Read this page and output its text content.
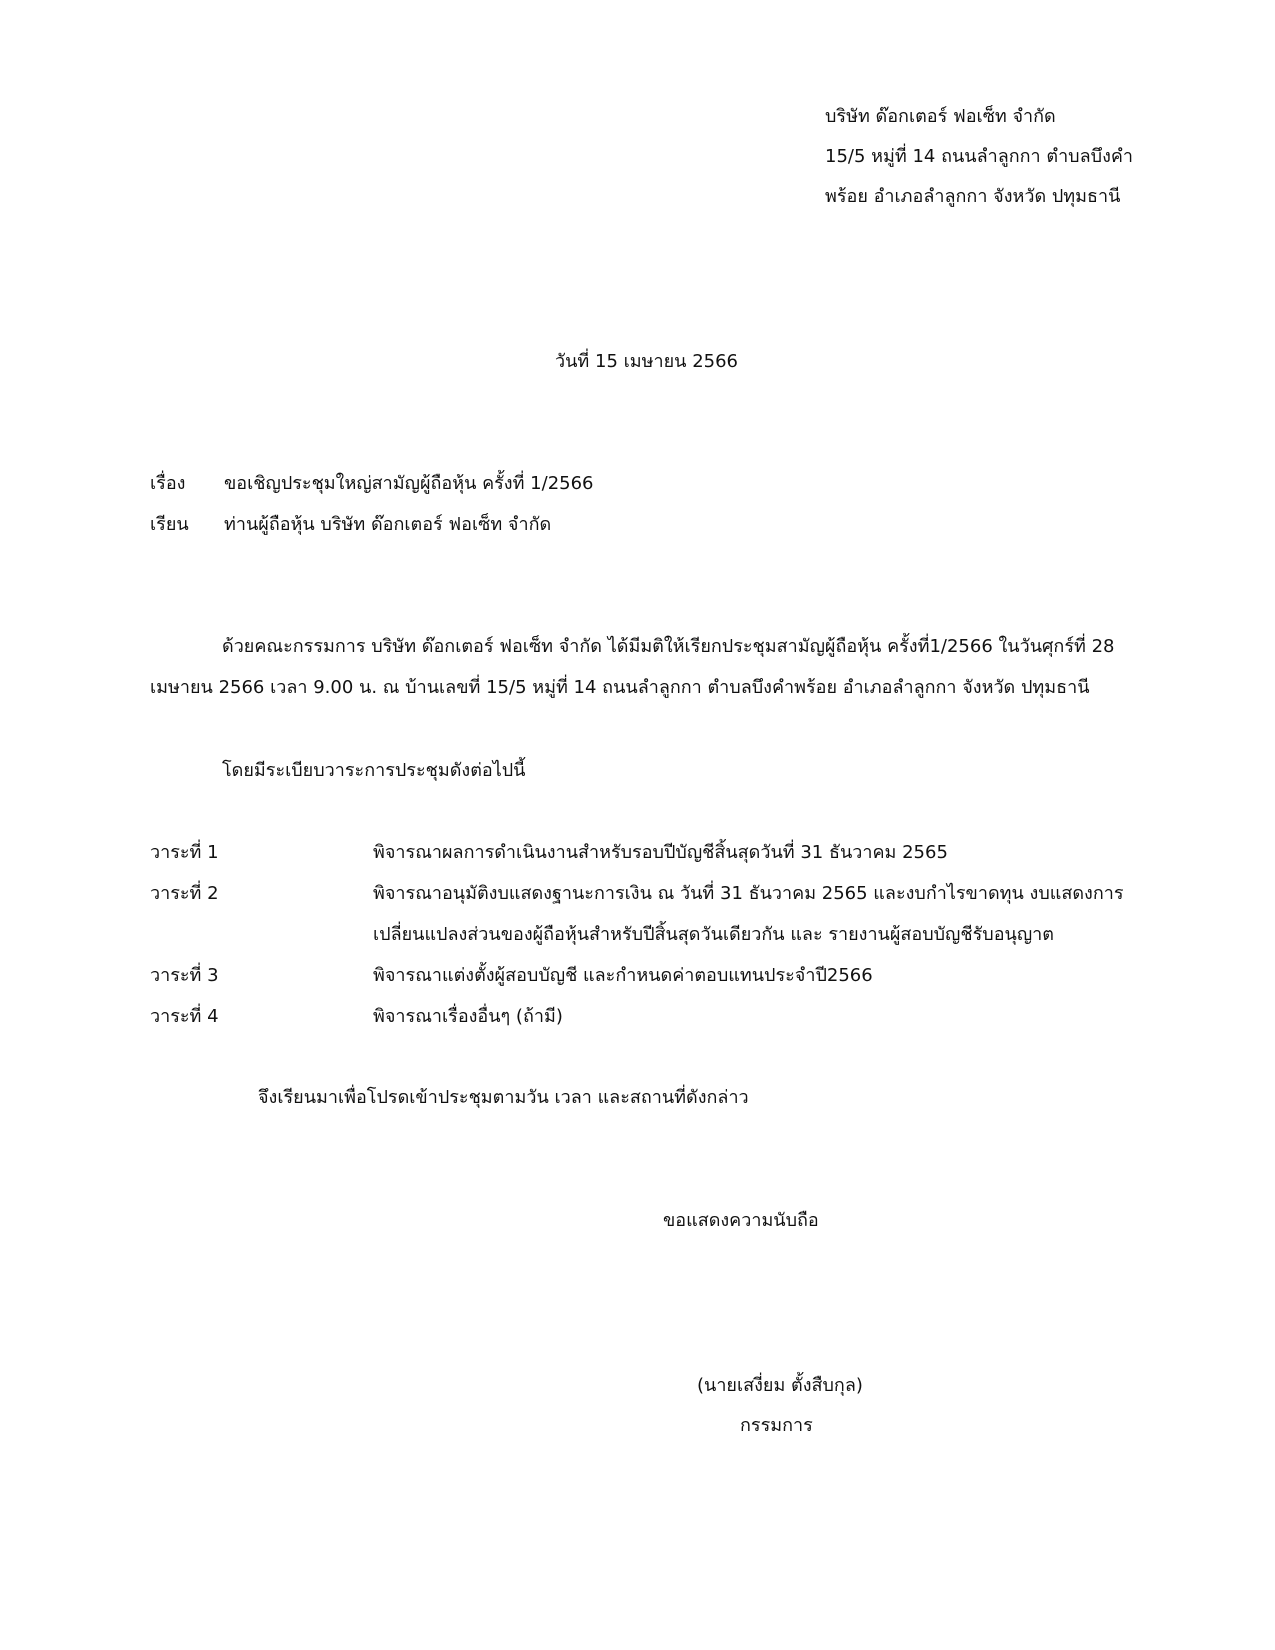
บริษัท ด๊อกเตอร์ ฟอเซ็ท จำกัด
15/5 หมู่ที่ 14 ถนนลำลูกกา ตำบลบึงคำ
พร้อย อำเภอลำลูกกา จังหวัด ปทุมธานี
วันที่ 15 เมษายน 2566
เรื่อง ขอเชิญประชุมใหญ่สามัญผู้ถือหุ้น ครั้งที่ 1/2566
เรียน ท่านผู้ถือหุ้น บริษัท ด๊อกเตอร์ ฟอเซ็ท จำกัด
ด้วยคณะกรรมการ บริษัท ด๊อกเตอร์ ฟอเซ็ท จำกัด ได้มีมติให้เรียกประชุมสามัญผู้ถือหุ้น ครั้งที่1/2566 ในวันศุกร์ที่ 28
เมษายน 2566 เวลา 9.00 น. ณ บ้านเลขที่ 15/5 หมู่ที่ 14 ถนนลำลูกกา ตำบลบึงคำพร้อย อำเภอลำลูกกา จังหวัด ปทุมธานี
โดยมีระเบียบวาระการประชุมดังต่อไปนี้
วาระที่ 1	พิจารณาผลการดำเนินงานสำหรับรอบปีบัญชีสิ้นสุดวันที่ 31 ธันวาคม 2565
วาระที่ 2	พิจารณาอนุมัติงบแสดงฐานะการเงิน ณ วันที่ 31 ธันวาคม 2565 และงบกำไรขาดทุน งบแสดงการ
เปลี่ยนแปลงส่วนของผู้ถือหุ้นสำหรับปีสิ้นสุดวันเดียวกัน และ รายงานผู้สอบบัญชีรับอนุญาต
วาระที่ 3	พิจารณาแต่งตั้งผู้สอบบัญชี และกำหนดค่าตอบแทนประจำปี2566
วาระที่ 4	พิจารณาเรื่องอื่นๆ (ถ้ามี)
จึงเรียนมาเพื่อโปรดเข้าประชุมตามวัน เวลา และสถานที่ดังกล่าว
ขอแสดงความนับถือ
(นายเสงี่ยม ตั้งสืบกุล)
กรรมการ
